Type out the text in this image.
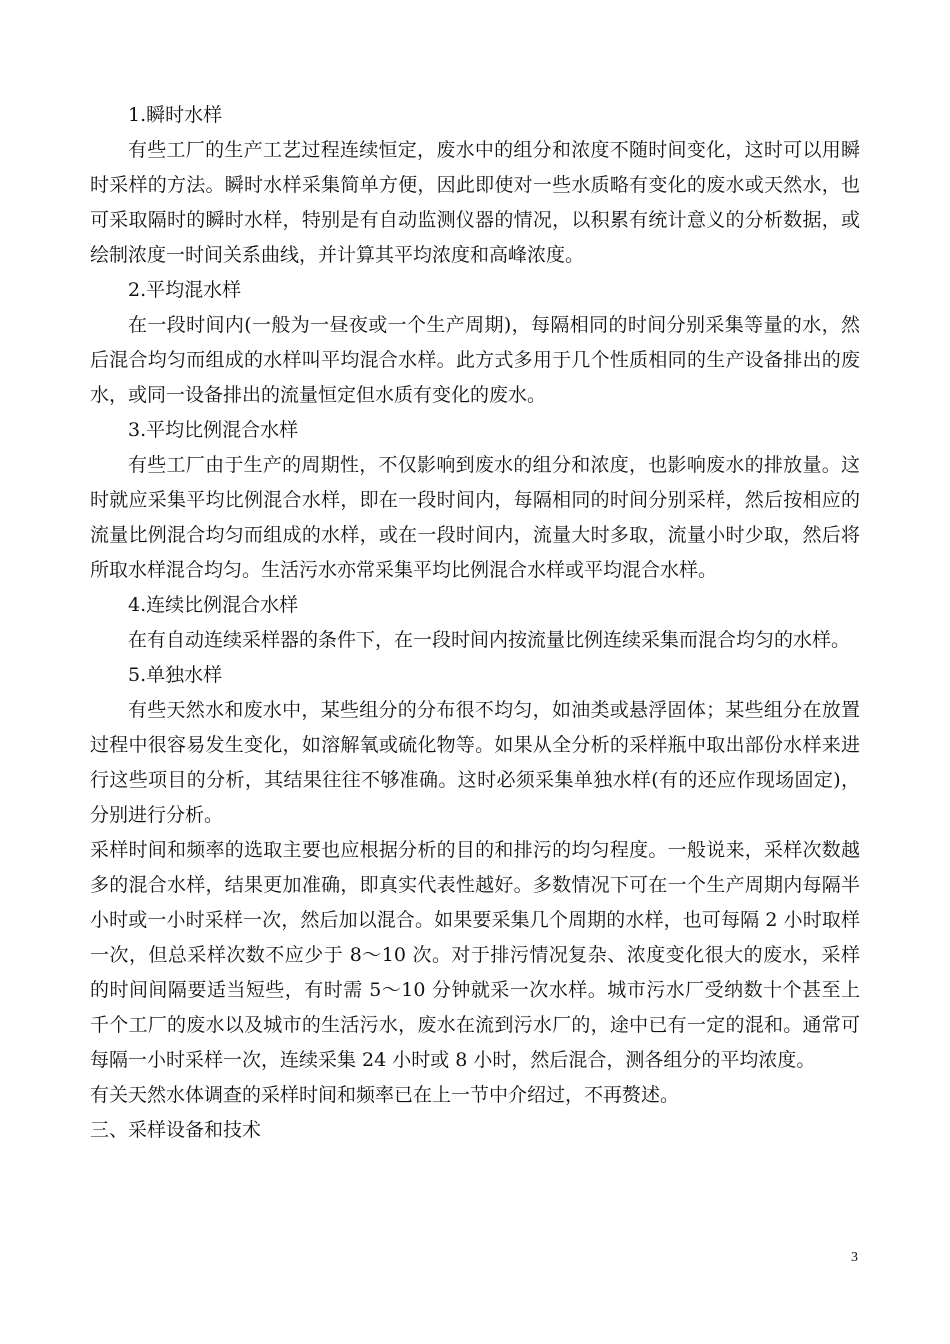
1.瞬时水样

有些工厂的生产工艺过程连续恒定，废水中的组分和浓度不随时间变化，这时可以用瞬时采样的方法。瞬时水样采集简单方便，因此即使对一些水质略有变化的废水或天然水，也可采取隔时的瞬时水样，特别是有自动监测仪器的情况，以积累有统计意义的分析数据，或绘制浓度一时间关系曲线，并计算其平均浓度和高峰浓度。

2.平均混水样

在一段时间内(一般为一昼夜或一个生产周期)，每隔相同的时间分别采集等量的水，然后混合均匀而组成的水样叫平均混合水样。此方式多用于几个性质相同的生产设备排出的废水，或同一设备排出的流量恒定但水质有变化的废水。

3.平均比例混合水样

有些工厂由于生产的周期性，不仅影响到废水的组分和浓度，也影响废水的排放量。这时就应采集平均比例混合水样，即在一段时间内，每隔相同的时间分别采样，然后按相应的流量比例混合均匀而组成的水样，或在一段时间内，流量大时多取，流量小时少取，然后将所取水样混合均匀。生活污水亦常采集平均比例混合水样或平均混合水样。

4.连续比例混合水样

在有自动连续采样器的条件下，在一段时间内按流量比例连续采集而混合均匀的水样。

5.单独水样

有些天然水和废水中，某些组分的分布很不均匀，如油类或悬浮固体；某些组分在放置过程中很容易发生变化，如溶解氧或硫化物等。如果从全分析的采样瓶中取出部份水样来进行这些项目的分析，其结果往往不够准确。这时必须采集单独水样(有的还应作现场固定)，分别进行分析。

采样时间和频率的选取主要也应根据分析的目的和排污的均匀程度。一般说来，采样次数越多的混合水样，结果更加准确，即真实代表性越好。多数情况下可在一个生产周期内每隔半小时或一小时采样一次，然后加以混合。如果要采集几个周期的水样，也可每隔 2 小时取样一次，但总采样次数不应少于 8～10 次。对于排污情况复杂、浓度变化很大的废水，采样的时间间隔要适当短些，有时需 5～10 分钟就采一次水样。城市污水厂受纳数十个甚至上千个工厂的废水以及城市的生活污水，废水在流到污水厂的，途中已有一定的混和。通常可每隔一小时采样一次，连续采集 24 小时或 8 小时，然后混合，测各组分的平均浓度。

有关天然水体调查的采样时间和频率已在上一节中介绍过，不再赘述。

三、采样设备和技术

3
